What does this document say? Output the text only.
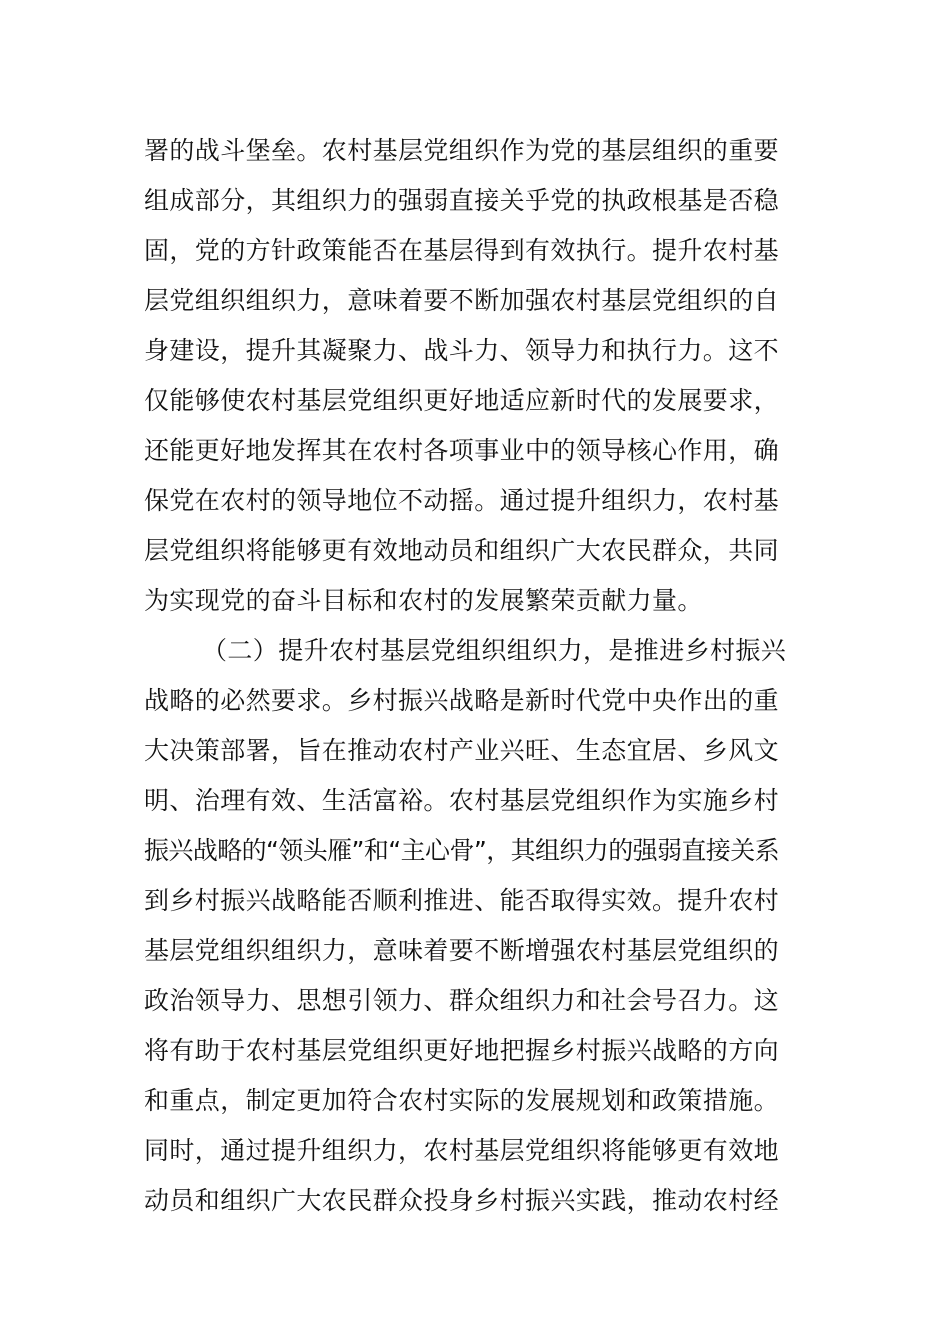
署的战斗堡垒。农村基层党组织作为党的基层组织的重要
组成部分，其组织力的强弱直接关乎党的执政根基是否稳
固，党的方针政策能否在基层得到有效执行。提升农村基
层党组织组织力，意味着要不断加强农村基层党组织的自
身建设，提升其凝聚力、战斗力、领导力和执行力。这不
仅能够使农村基层党组织更好地适应新时代的发展要求，
还能更好地发挥其在农村各项事业中的领导核心作用，确
保党在农村的领导地位不动摇。通过提升组织力，农村基
层党组织将能够更有效地动员和组织广大农民群众，共同
为实现党的奋斗目标和农村的发展繁荣贡献力量。
（二）提升农村基层党组织组织力，是推进乡村振兴
战略的必然要求。乡村振兴战略是新时代党中央作出的重
大决策部署，旨在推动农村产业兴旺、生态宜居、乡风文
明、治理有效、生活富裕。农村基层党组织作为实施乡村
振兴战略的“领头雁”和“主心骨”，其组织力的强弱直接关系
到乡村振兴战略能否顺利推进、能否取得实效。提升农村
基层党组织组织力，意味着要不断增强农村基层党组织的
政治领导力、思想引领力、群众组织力和社会号召力。这
将有助于农村基层党组织更好地把握乡村振兴战略的方向
和重点，制定更加符合农村实际的发展规划和政策措施。
同时，通过提升组织力，农村基层党组织将能够更有效地
动员和组织广大农民群众投身乡村振兴实践，推动农村经
